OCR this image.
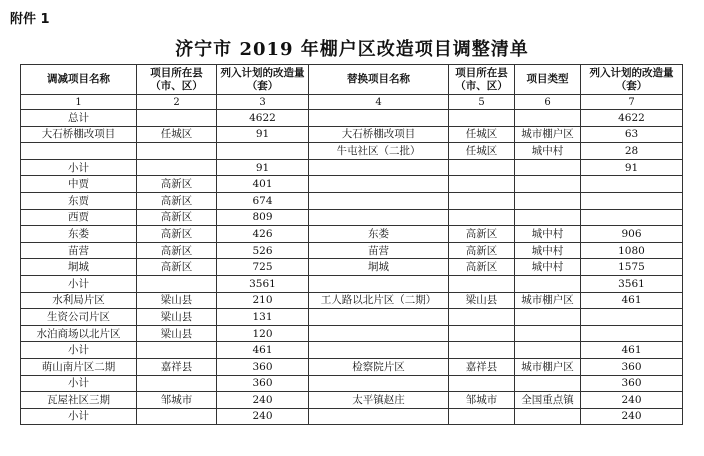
附件 1
济宁市 2019 年棚户区改造项目调整清单
调减项目名称	项目所在县（市、区）	列入计划的改造量（套）	替换项目名称	项目所在县（市、区）	项目类型	列入计划的改造量（套）
1	2	3	4	5	6	7
总计		4622				4622
大石桥棚改项目	任城区	91	大石桥棚改项目	任城区	城市棚户区	63
			牛屯社区（二批）	任城区	城中村	28
小计		91				91
中贾	高新区	401				
东贾	高新区	674				
西贾	高新区	809				
东娄	高新区	426	东娄	高新区	城中村	906
苗营	高新区	526	苗营	高新区	城中村	1080
垌城	高新区	725	垌城	高新区	城中村	1575
小计		3561				3561
水利局片区	梁山县	210	工人路以北片区（二期）	梁山县	城市棚户区	461
生资公司片区	梁山县	131				
水泊商场以北片区	梁山县	120				
小计		461				461
萌山南片区二期	嘉祥县	360	检察院片区	嘉祥县	城市棚户区	360
小计		360				360
瓦屋社区三期	邹城市	240	太平镇赵庄	邹城市	全国重点镇	240
小计		240				240
